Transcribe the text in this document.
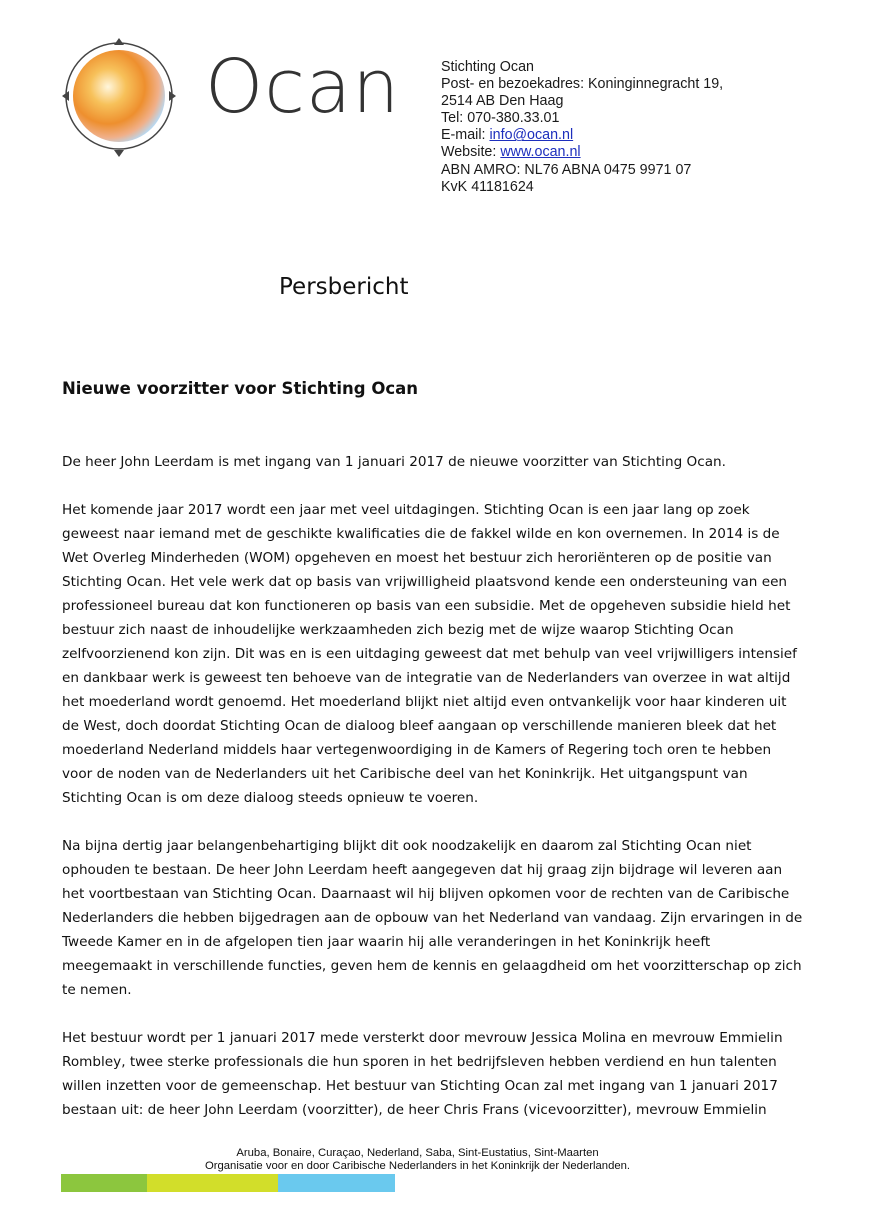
Ocan	Stichting Ocan
Post- en bezoekadres: Koninginnegracht 19,
2514 AB Den Haag
Tel: 070-380.33.01
E-mail: info@ocan.nl
Website: www.ocan.nl
ABN AMRO: NL76 ABNA 0475 9971 07
KvK 41181624
Persbericht
Nieuwe voorzitter voor Stichting Ocan
De heer John Leerdam is met ingang van 1 januari 2017 de nieuwe voorzitter van Stichting Ocan.
Het komende jaar 2017 wordt een jaar met veel uitdagingen. Stichting Ocan is een jaar lang op zoek
geweest naar iemand met de geschikte kwalificaties die de fakkel wilde en kon overnemen. In 2014 is de
Wet Overleg Minderheden (WOM) opgeheven en moest het bestuur zich heroriënteren op de positie van
Stichting Ocan. Het vele werk dat op basis van vrijwilligheid plaatsvond kende een ondersteuning van een
professioneel bureau dat kon functioneren op basis van een subsidie. Met de opgeheven subsidie hield het
bestuur zich naast de inhoudelijke werkzaamheden zich bezig met de wijze waarop Stichting Ocan
zelfvoorzienend kon zijn. Dit was en is een uitdaging geweest dat met behulp van veel vrijwilligers intensief
en dankbaar werk is geweest ten behoeve van de integratie van de Nederlanders van overzee in wat altijd
het moederland wordt genoemd. Het moederland blijkt niet altijd even ontvankelijk voor haar kinderen uit
de West, doch doordat Stichting Ocan de dialoog bleef aangaan op verschillende manieren bleek dat het
moederland Nederland middels haar vertegenwoordiging in de Kamers of Regering toch oren te hebben
voor de noden van de Nederlanders uit het Caribische deel van het Koninkrijk. Het uitgangspunt van
Stichting Ocan is om deze dialoog steeds opnieuw te voeren.
Na bijna dertig jaar belangenbehartiging blijkt dit ook noodzakelijk en daarom zal Stichting Ocan niet
ophouden te bestaan. De heer John Leerdam heeft aangegeven dat hij graag zijn bijdrage wil leveren aan
het voortbestaan van Stichting Ocan. Daarnaast wil hij blijven opkomen voor de rechten van de Caribische
Nederlanders die hebben bijgedragen aan de opbouw van het Nederland van vandaag. Zijn ervaringen in de
Tweede Kamer en in de afgelopen tien jaar waarin hij alle veranderingen in het Koninkrijk heeft
meegemaakt in verschillende functies, geven hem de kennis en gelaagdheid om het voorzitterschap op zich
te nemen.
Het bestuur wordt per 1 januari 2017 mede versterkt door mevrouw Jessica Molina en mevrouw Emmielin
Rombley, twee sterke professionals die hun sporen in het bedrijfsleven hebben verdiend en hun talenten
willen inzetten voor de gemeenschap. Het bestuur van Stichting Ocan zal met ingang van 1 januari 2017
bestaan uit: de heer John Leerdam (voorzitter), de heer Chris Frans (vicevoorzitter), mevrouw Emmielin
Aruba, Bonaire, Curaçao, Nederland, Saba, Sint-Eustatius, Sint-Maarten
Organisatie voor en door Caribische Nederlanders in het Koninkrijk der Nederlanden.
